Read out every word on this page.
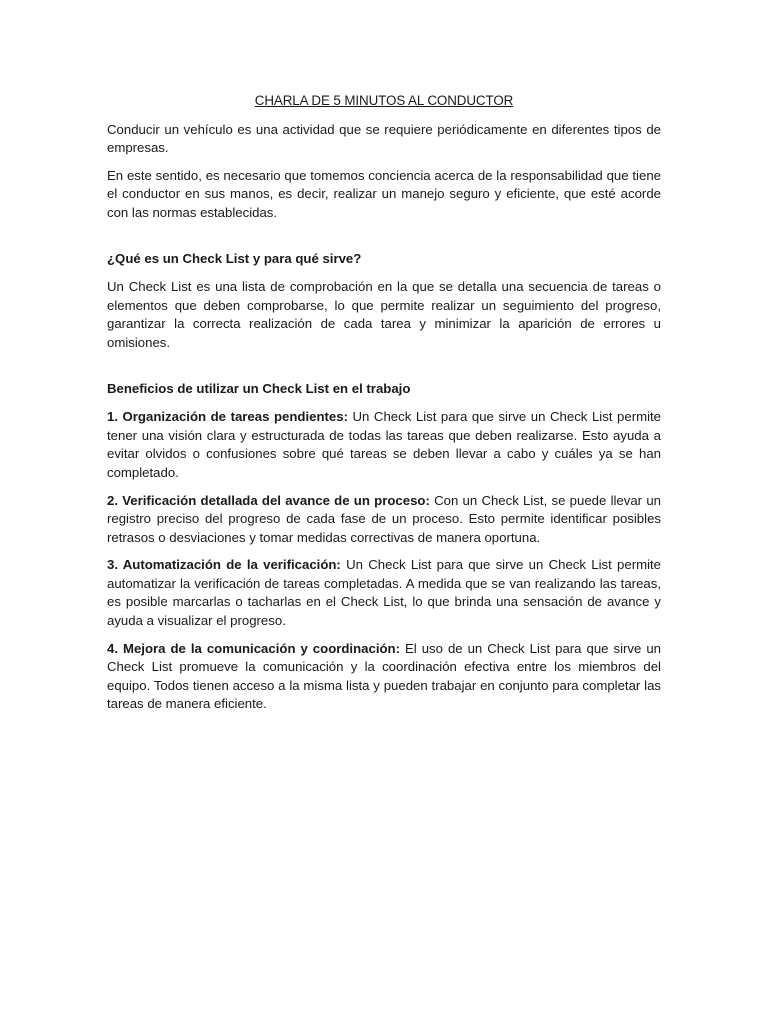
CHARLA DE 5 MINUTOS AL CONDUCTOR

Conducir un vehículo es una actividad que se requiere periódicamente en diferentes tipos de empresas.

En este sentido, es necesario que tomemos conciencia acerca de la responsabilidad que tiene el conductor en sus manos, es decir, realizar un manejo seguro y eficiente, que esté acorde con las normas establecidas.

¿Qué es un Check List y para qué sirve?

Un Check List es una lista de comprobación en la que se detalla una secuencia de tareas o elementos que deben comprobarse, lo que permite realizar un seguimiento del progreso, garantizar la correcta realización de cada tarea y minimizar la aparición de errores u omisiones.

Beneficios de utilizar un Check List en el trabajo

1. Organización de tareas pendientes: Un Check List para que sirve un Check List permite tener una visión clara y estructurada de todas las tareas que deben realizarse. Esto ayuda a evitar olvidos o confusiones sobre qué tareas se deben llevar a cabo y cuáles ya se han completado.

2. Verificación detallada del avance de un proceso: Con un Check List, se puede llevar un registro preciso del progreso de cada fase de un proceso. Esto permite identificar posibles retrasos o desviaciones y tomar medidas correctivas de manera oportuna.

3. Automatización de la verificación: Un Check List para que sirve un Check List permite automatizar la verificación de tareas completadas. A medida que se van realizando las tareas, es posible marcarlas o tacharlas en el Check List, lo que brinda una sensación de avance y ayuda a visualizar el progreso.

4. Mejora de la comunicación y coordinación: El uso de un Check List para que sirve un Check List promueve la comunicación y la coordinación efectiva entre los miembros del equipo. Todos tienen acceso a la misma lista y pueden trabajar en conjunto para completar las tareas de manera eficiente.
